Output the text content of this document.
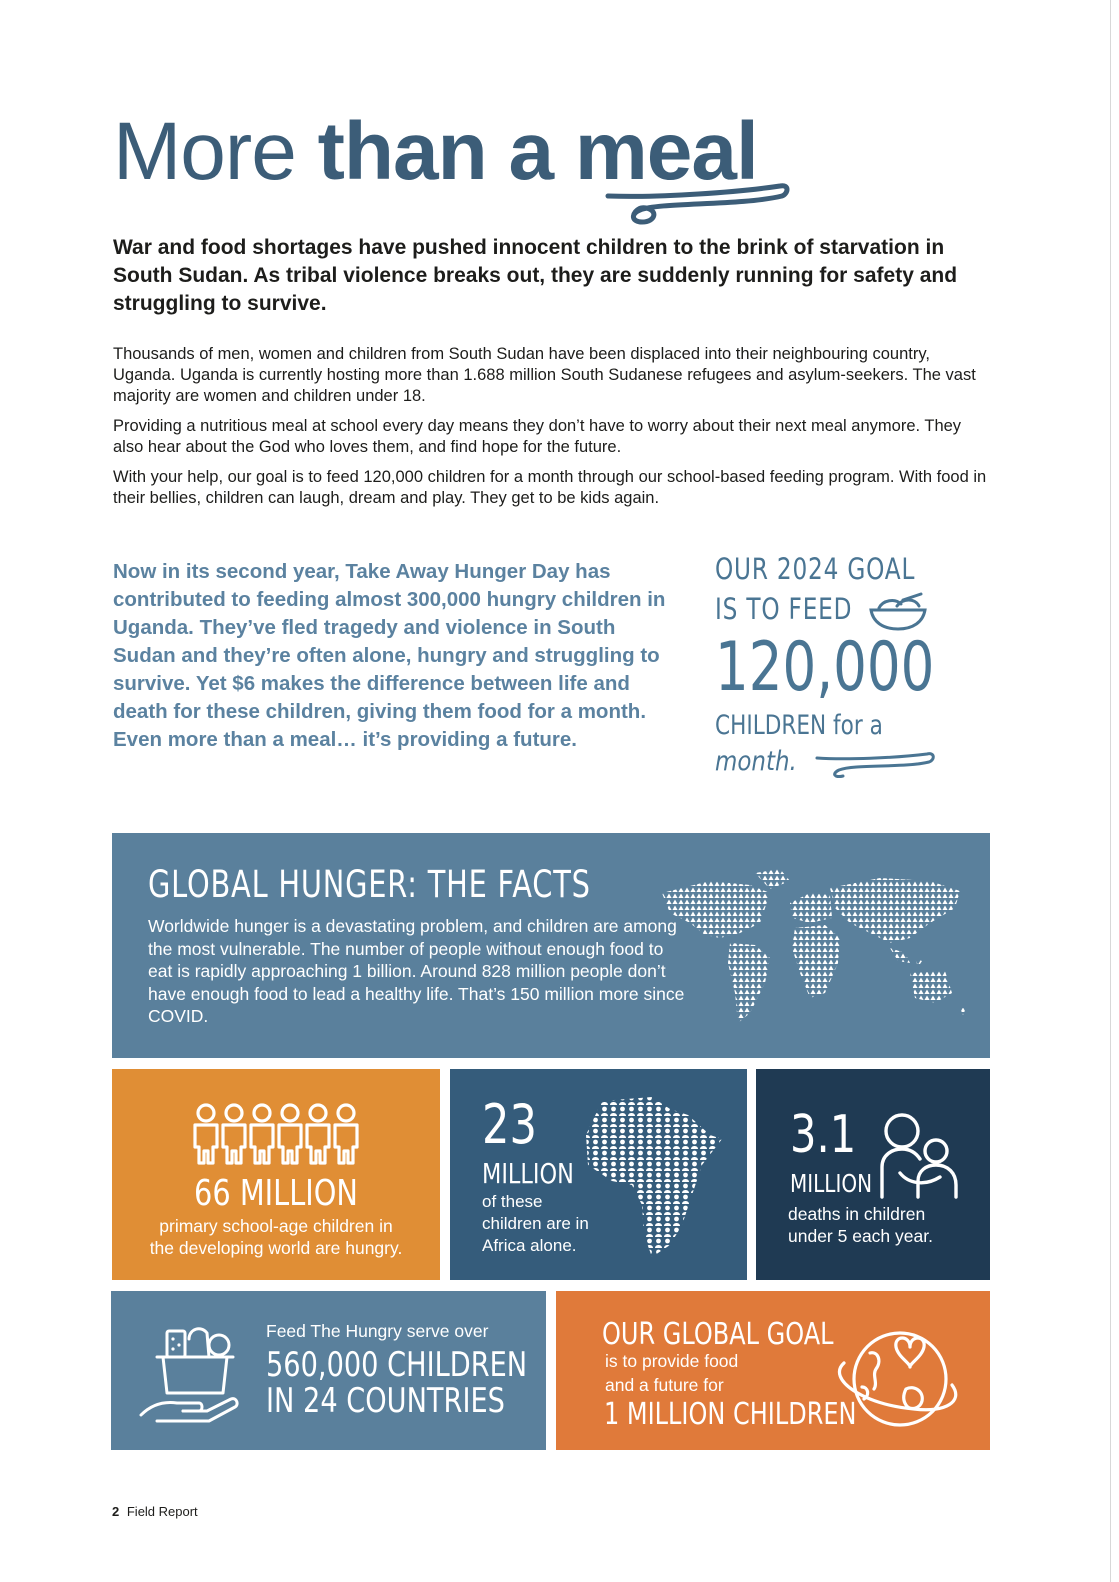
More than a meal

War and food shortages have pushed innocent children to the brink of starvation in South Sudan. As tribal violence breaks out, they are suddenly running for safety and struggling to survive.

Thousands of men, women and children from South Sudan have been displaced into their neighbouring country, Uganda. Uganda is currently hosting more than 1.688 million South Sudanese refugees and asylum-seekers. The vast majority are women and children under 18.

Providing a nutritious meal at school every day means they don’t have to worry about their next meal anymore. They also hear about the God who loves them, and find hope for the future.

With your help, our goal is to feed 120,000 children for a month through our school-based feeding program. With food in their bellies, children can laugh, dream and play. They get to be kids again.

Now in its second year, Take Away Hunger Day has contributed to feeding almost 300,000 hungry children in Uganda. They’ve fled tragedy and violence in South Sudan and they’re often alone, hungry and struggling to survive. Yet $6 makes the difference between life and death for these children, giving them food for a month. Even more than a meal… it’s providing a future.

OUR 2024 GOAL
IS TO FEED
120,000
CHILDREN for a
month.
GLOBAL HUNGER: THE FACTS

Worldwide hunger is a devastating problem, and children are among the most vulnerable. The number of people without enough food to eat is rapidly approaching 1 billion. Around 828 million people don’t have enough food to lead a healthy life. That’s 150 million more since COVID.

66 MILLION
primary school-age children in
the developing world are hungry.
23
MILLION
of these
children are in
Africa alone.
3.1
MILLION
deaths in children
under 5 each year.
Feed The Hungry serve over
560,000 CHILDREN
IN 24 COUNTRIES
OUR GLOBAL GOAL
is to provide food
and a future for
1 MILLION CHILDREN
2 Field Report
